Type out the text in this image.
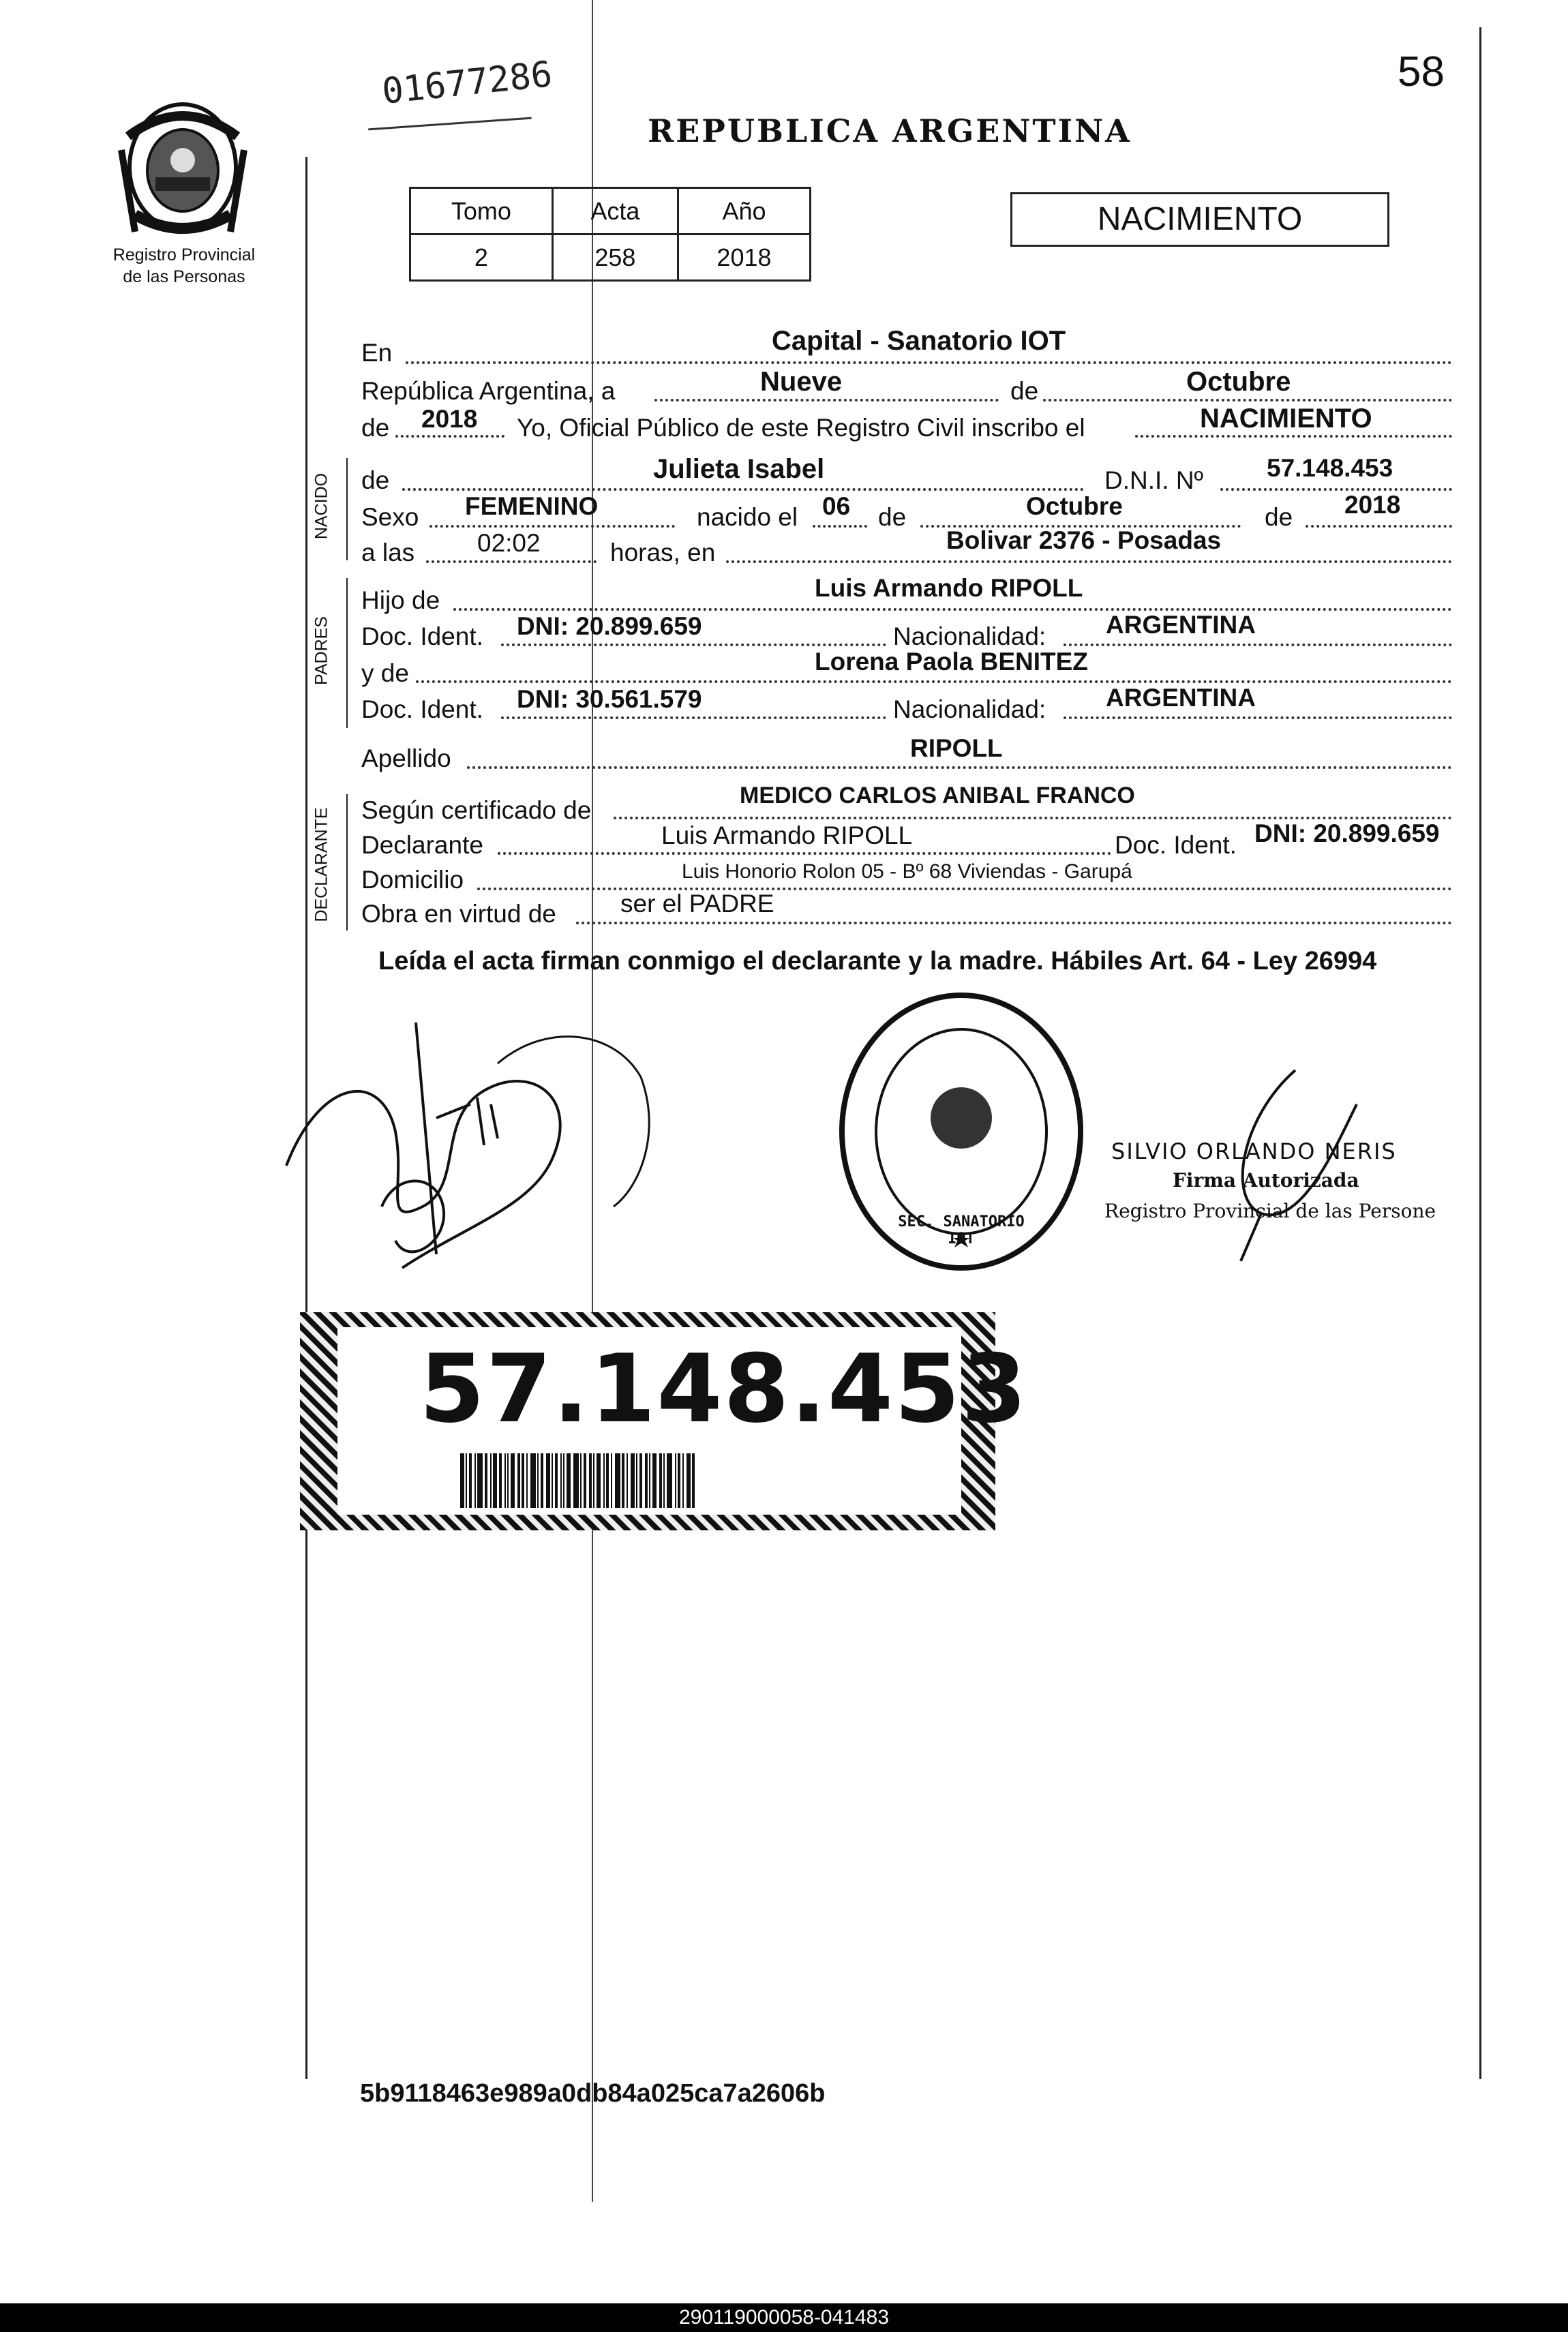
01677286	58
Registro Provincial
de las Personas
REPUBLICA ARGENTINA
Tomo	Acta	Año
2	258	2018
NACIMIENTO
NACIDO
PADRES
DECLARANTE
En	Capital - Sanatorio IOT
República Argentina, a	Nueve	de	Octubre
de 2018 Yo, Oficial Público de este Registro Civil inscribo el	NACIMIENTO
de	Julieta Isabel	D.N.I. Nº	57.148.453
Sexo FEMENINO	nacido el 06 de	Octubre	de 2018
a las 02:02	horas, en	Bolivar 2376 - Posadas
Hijo de	Luis Armando RIPOLL
Doc. Ident. DNI: 20.899.659	Nacionalidad: ARGENTINA
y de	Lorena Paola BENITEZ
Doc. Ident. DNI: 30.561.579	Nacionalidad: ARGENTINA
Apellido	RIPOLL
Según certificado de
MEDICO CARLOS ANIBAL FRANCO
Declarante	Luis Armando RIPOLL	Doc. Ident. DNI: 20.899.659
Domicilio	Luis Honorio Rolon 05 - Bº 68 Viviendas - Garupá
Obra en virtud de	ser el PADRE
Leída el acta firman conmigo el declarante y la madre. Hábiles Art. 64 - Ley 26994
SEC. SANATORIO IOT
SILVIO ORLANDO NERIS
Firma Autorizada
Registro Provincial de las Persone
57.148.453
5b9118463e989a0db84a025ca7a2606b
290119000058-041483
